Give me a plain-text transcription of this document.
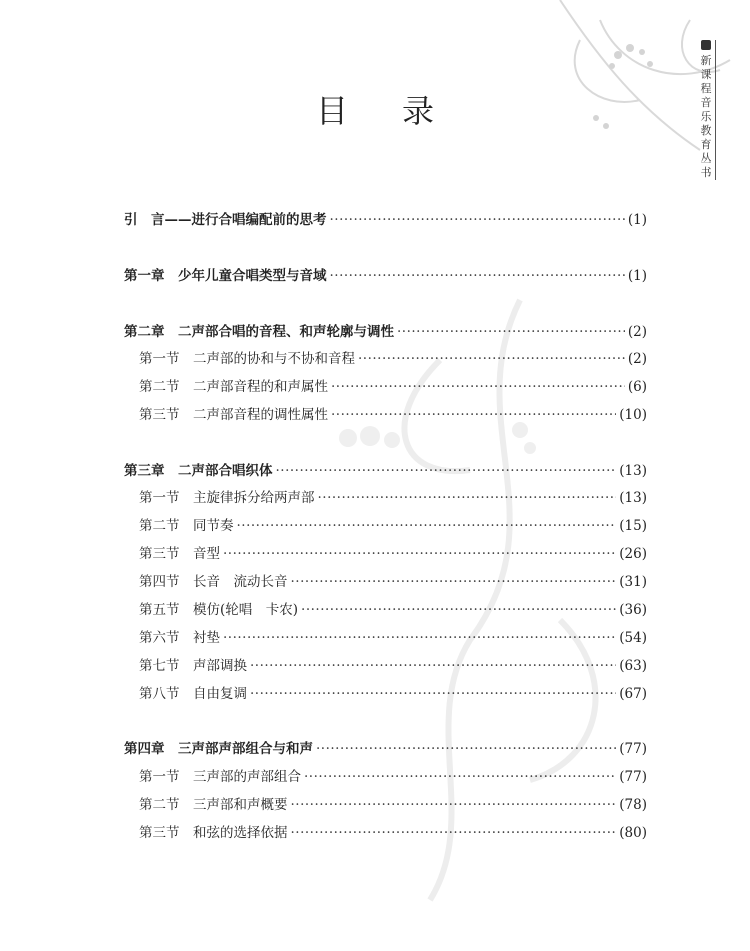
新课程音乐教育丛书
目录
引　言——进行合唱编配前的思考 ·····	(1)
第一章　少年儿童合唱类型与音域 ·····	(1)
第二章　二声部合唱的音程、和声轮廓与调性 ·····	(2)
第一节　二声部的协和与不协和音程 ·····	(2)
第二节　二声部音程的和声属性 ·····	(6)
第三节　二声部音程的调性属性 ·····	(10)
第三章　二声部合唱织体 ·····	(13)
第一节　主旋律拆分给两声部 ·····	(13)
第二节　同节奏 ·····	(15)
第三节　音型 ·····	(26)
第四节　长音　流动长音 ·····	(31)
第五节　模仿(轮唱　卡农) ·····	(36)
第六节　衬垫 ·····	(54)
第七节　声部调换 ·····	(63)
第八节　自由复调 ·····	(67)
第四章　三声部声部组合与和声 ·····	(77)
第一节　三声部的声部组合 ·····	(77)
第二节　三声部和声概要 ·····	(78)
第三节　和弦的选择依据 ·····	(80)
